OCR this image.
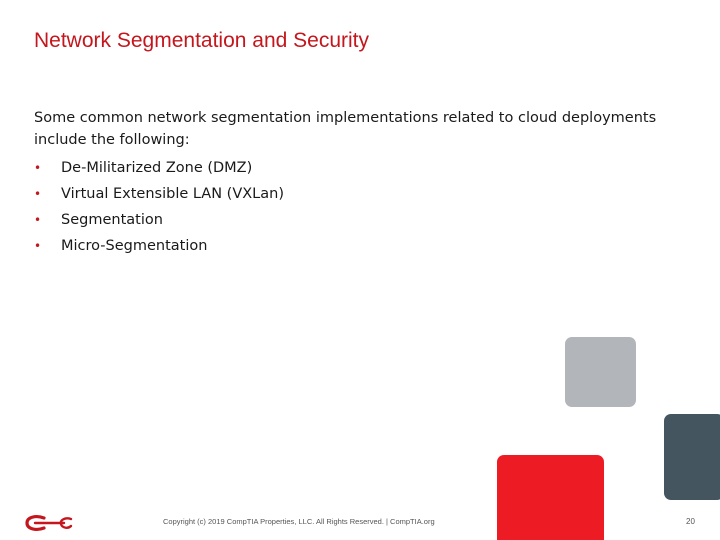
Network Segmentation and Security

Some common network segmentation implementations related to cloud deployments include the following:

• De-Militarized Zone (DMZ)
• Virtual Extensible LAN (VXLan)
• Segmentation
• Micro-Segmentation
Copyright (c) 2019 CompTIA Properties, LLC. All Rights Reserved. | CompTIA.org	20
